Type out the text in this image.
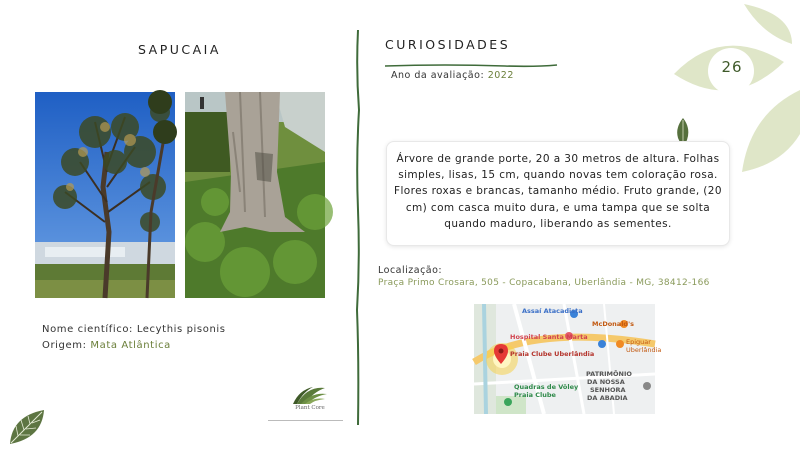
SAPUCAIA
Nome científico: Lecythis pisonis
Origem: Mata Atlântica
Plant Core
CURIOSIDADES
Ano da avaliação: 2022	26
Árvore de grande porte, 20 a 30 metros de altura. Folhas simples, lisas, 15 cm, quando novas tem coloração rosa. Flores roxas e brancas, tamanho médio. Fruto grande, (20 cm) com casca muito dura, e uma tampa que se solta quando maduro, liberando as sementes.
Localização:
Praça Primo Crosara, 505 - Copacabana, Uberlândia - MG, 38412-166
Assaí Atacadista
McDonald's
Hospital Santa Marta
Praia Clube Uberlândia
Epiguar
Uberlândia
PATRIMÔNIO
DA NOSSA
SENHORA
DA ABADIA
Quadras de Vôley
Praia Clube
